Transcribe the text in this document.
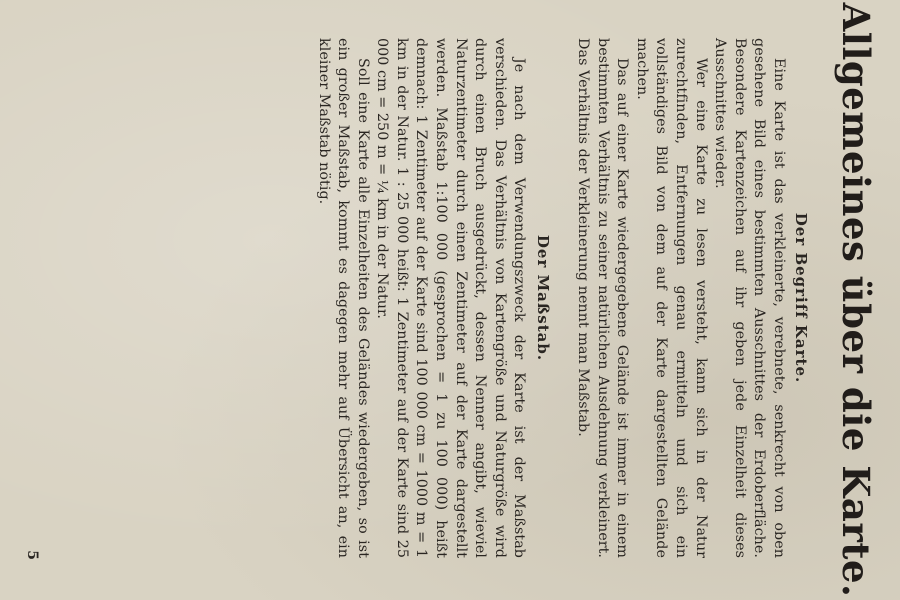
Allgemeines über die Karte.
Der Begriff Karte.

Eine Karte ist das verkleinerte, verebnete, senkrecht von oben gesehene Bild eines bestimmten Ausschnittes der Erdoberfläche. Besondere Kartenzeichen auf ihr geben jede Einzelheit dieses Ausschnittes wieder.

Wer eine Karte zu lesen versteht, kann sich in der Natur zurechtfinden, Entfernungen genau ermitteln und sich ein vollständiges Bild von dem auf der Karte dargestellten Gelände machen.

Das auf einer Karte wiedergegebene Gelände ist immer in einem bestimmten Verhältnis zu seiner natürlichen Ausdehnung verkleinert. Das Verhältnis der Verkleinerung nennt man Maßstab.

Der Maßstab.

Je nach dem Verwendungszweck der Karte ist der Maßstab verschieden. Das Verhältnis von Kartengröße und Naturgröße wird durch einen Bruch ausgedrückt, dessen Nenner angibt, wieviel Naturzentimeter durch einen Zentimeter auf der Karte dargestellt werden. Maßstab 1:100 000 (gesprochen = 1 zu 100 000) heißt demnach: 1 Zentimeter auf der Karte sind 100 000 cm = 1000 m = 1 km in der Natur. 1 : 25 000 heißt: 1 Zentimeter auf der Karte sind 25 000 cm = 250 m = ¼ km in der Natur.

Soll eine Karte alle Einzelheiten des Geländes wiedergeben, so ist ein großer Maßstab, kommt es dagegen mehr auf Übersicht an, ein kleiner Maßstab nötig.

5
